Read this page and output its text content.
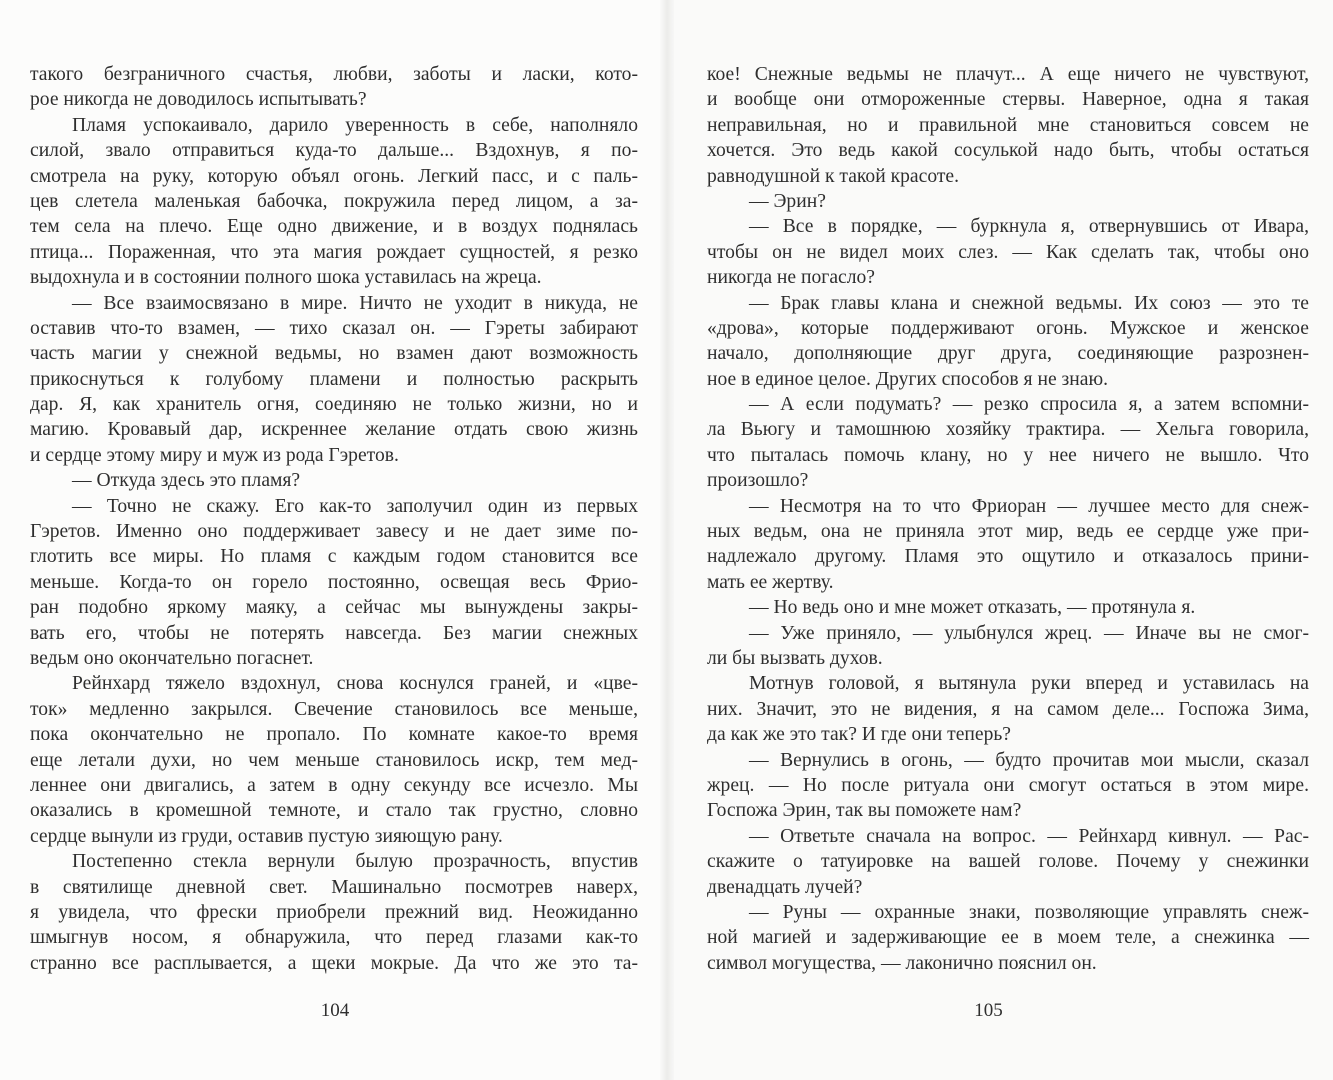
такого безграничного счастья, любви, заботы и ласки, кото-
рое никогда не доводилось испытывать?
Пламя успокаивало, дарило уверенность в себе, наполняло
силой, звало отправиться куда-то дальше... Вздохнув, я по-
смотрела на руку, которую объял огонь. Легкий пасс, и с паль-
цев слетела маленькая бабочка, покружила перед лицом, а за-
тем села на плечо. Еще одно движение, и в воздух поднялась
птица... Пораженная, что эта магия рождает сущностей, я резко
выдохнула и в состоянии полного шока уставилась на жреца.
— Все взаимосвязано в мире. Ничто не уходит в никуда, не
оставив что-то взамен, — тихо сказал он. — Гэреты забирают
часть магии у снежной ведьмы, но взамен дают возможность
прикоснуться к голубому пламени и полностью раскрыть
дар. Я, как хранитель огня, соединяю не только жизни, но и
магию. Кровавый дар, искреннее желание отдать свою жизнь
и сердце этому миру и муж из рода Гэретов.
— Откуда здесь это пламя?
— Точно не скажу. Его как-то заполучил один из первых
Гэретов. Именно оно поддерживает завесу и не дает зиме по-
глотить все миры. Но пламя с каждым годом становится все
меньше. Когда-то он горело постоянно, освещая весь Фрио-
ран подобно яркому маяку, а сейчас мы вынуждены закры-
вать его, чтобы не потерять навсегда. Без магии снежных
ведьм оно окончательно погаснет.
Рейнхард тяжело вздохнул, снова коснулся граней, и «цве-
ток» медленно закрылся. Свечение становилось все меньше,
пока окончательно не пропало. По комнате какое-то время
еще летали духи, но чем меньше становилось искр, тем мед-
леннее они двигались, а затем в одну секунду все исчезло. Мы
оказались в кромешной темноте, и стало так грустно, словно
сердце вынули из груди, оставив пустую зияющую рану.
Постепенно стекла вернули былую прозрачность, впустив
в святилище дневной свет. Машинально посмотрев наверх,
я увидела, что фрески приобрели прежний вид. Неожиданно
шмыгнув носом, я обнаружила, что перед глазами как-то
странно все расплывается, а щеки мокрые. Да что же это та-
104
кое! Снежные ведьмы не плачут... А еще ничего не чувствуют,
и вообще они отмороженные стервы. Наверное, одна я такая
неправильная, но и правильной мне становиться совсем не
хочется. Это ведь какой сосулькой надо быть, чтобы остаться
равнодушной к такой красоте.
— Эрин?
— Все в порядке, — буркнула я, отвернувшись от Ивара,
чтобы он не видел моих слез. — Как сделать так, чтобы оно
никогда не погасло?
— Брак главы клана и снежной ведьмы. Их союз — это те
«дрова», которые поддерживают огонь. Мужское и женское
начало, дополняющие друг друга, соединяющие разрознен-
ное в единое целое. Других способов я не знаю.
— А если подумать? — резко спросила я, а затем вспомни-
ла Вьюгу и тамошнюю хозяйку трактира. — Хельга говорила,
что пыталась помочь клану, но у нее ничего не вышло. Что
произошло?
— Несмотря на то что Фриоран — лучшее место для снеж-
ных ведьм, она не приняла этот мир, ведь ее сердце уже при-
надлежало другому. Пламя это ощутило и отказалось прини-
мать ее жертву.
— Но ведь оно и мне может отказать, — протянула я.
— Уже приняло, — улыбнулся жрец. — Иначе вы не смог-
ли бы вызвать духов.
Мотнув головой, я вытянула руки вперед и уставилась на
них. Значит, это не видения, я на самом деле... Госпожа Зима,
да как же это так? И где они теперь?
— Вернулись в огонь, — будто прочитав мои мысли, сказал
жрец. — Но после ритуала они смогут остаться в этом мире.
Госпожа Эрин, так вы поможете нам?
— Ответьте сначала на вопрос. — Рейнхард кивнул. — Рас-
скажите о татуировке на вашей голове. Почему у снежинки
двенадцать лучей?
— Руны — охранные знаки, позволяющие управлять снеж-
ной магией и задерживающие ее в моем теле, а снежинка —
символ могущества, — лаконично пояснил он.
105
